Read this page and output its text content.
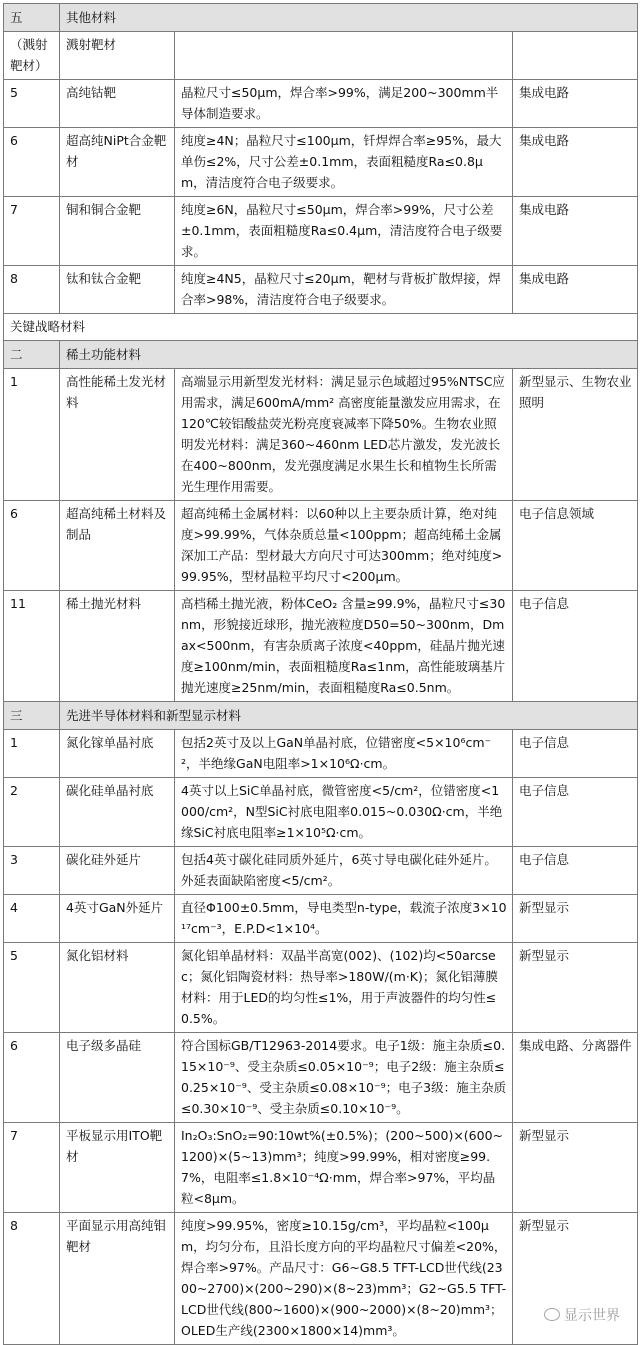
五	其他材料		
（溅射靶材）	溅射靶材		
5	高纯钴靶	晶粒尺寸≤50μm，焊合率>99%，满足200~300mm半导体制造要求。	集成电路
6	超高纯NiPt合金靶材	纯度≥4N；晶粒尺寸≤100μm，钎焊焊合率≥95%，最大单伤≤2%，尺寸公差±0.1mm，表面粗糙度Ra≤0.8μm，清洁度符合电子级要求。	集成电路
7	铜和铜合金靶	纯度≥6N，晶粒尺寸≤50μm，焊合率>99%，尺寸公差±0.1mm，表面粗糙度Ra≤0.4μm，清洁度符合电子级要求。	集成电路
8	钛和钛合金靶	纯度≥4N5，晶粒尺寸≤20μm，靶材与背板扩散焊接，焊合率>98%，清洁度符合电子级要求。	集成电路
关键战略材料			
二	稀土功能材料		
1	高性能稀土发光材料	高端显示用新型发光材料：满足显示色域超过95%NTSC应用需求，满足600mA/mm² 高密度能量激发应用需求，在120℃较铝酸盐荧光粉亮度衰减率下降50%。生物农业照明发光材料：满足360~460nm LED芯片激发，发光波长在400~800nm，发光强度满足水果生长和植物生长所需光生理作用需要。	新型显示、生物农业照明
6	超高纯稀土材料及制品	超高纯稀土金属材料：以60种以上主要杂质计算，绝对纯度>99.99%，气体杂质总量<100ppm；超高纯稀土金属深加工产品：型材最大方向尺寸可达300mm；绝对纯度>99.95%，型材晶粒平均尺寸<200μm。	电子信息领域
11	稀土抛光材料	高档稀土抛光液，粉体CeO₂ 含量≥99.9%，晶粒尺寸≤30nm，形貌接近球形，抛光液粒度D50=50~300nm，Dmax<500nm，有害杂质离子浓度<40ppm，硅晶片抛光速度≥100nm/min，表面粗糙度Ra≤1nm，高性能玻璃基片抛光速度≥25nm/min，表面粗糙度Ra≤0.5nm。	电子信息
三	先进半导体材料和新型显示材料		
1	氮化镓单晶衬底	包括2英寸及以上GaN单晶衬底，位错密度<5×10⁶cm⁻²，半绝缘GaN电阻率>1×10⁶Ω·cm。	电子信息
2	碳化硅单晶衬底	4英寸以上SiC单晶衬底，微管密度<5/cm²，位错密度<1000/cm²，N型SiC衬底电阻率0.015~0.030Ω·cm，半绝缘SiC衬底电阻率≥1×10⁵Ω·cm。	电子信息
3	碳化硅外延片	包括4英寸碳化硅同质外延片，6英寸导电碳化硅外延片。外延表面缺陷密度<5/cm²。	电子信息
4	4英寸GaN外延片	直径Φ100±0.5mm，导电类型n-type，载流子浓度3×10¹⁷cm⁻³，E.P.D<1×10⁴。	新型显示
5	氮化铝材料	氮化铝单晶材料：双晶半高宽(002)、(102)均<50arcsec；氮化铝陶瓷材料：热导率>180W/(m·K)；氮化铝薄膜材料：用于LED的均匀性≤1%，用于声波器件的均匀性≤0.5%。	新型显示
6	电子级多晶硅	符合国标GB/T12963-2014要求。电子1级：施主杂质≤0.15×10⁻⁹、受主杂质≤0.05×10⁻⁹；电子2级：施主杂质≤0.25×10⁻⁹、受主杂质≤0.08×10⁻⁹；电子3级：施主杂质≤0.30×10⁻⁹、受主杂质≤0.10×10⁻⁹。	集成电路、分离器件
7	平板显示用ITO靶材	In₂O₃:SnO₂=90:10wt%(±0.5%)；(200~500)×(600~1200)×(5~13)mm³；纯度>99.99%，相对密度≥99.7%，电阻率≤1.8×10⁻⁴Ω·mm，焊合率>97%，平均晶粒<8μm。	新型显示
8	平面显示用高纯钼靶材	纯度>99.95%，密度≥10.15g/cm³，平均晶粒<100μm，均匀分布，且沿长度方向的平均晶粒尺寸偏差<20%，焊合率>97%。产品尺寸：G6~G8.5 TFT-LCD世代线(2300~2700)×(200~290)×(8~23)mm³；G2~G5.5 TFT-LCD世代线(800~1600)×(900~2000)×(8~20)mm³；OLED生产线(2300×1800×14)mm³。	新型显示
显示世界
